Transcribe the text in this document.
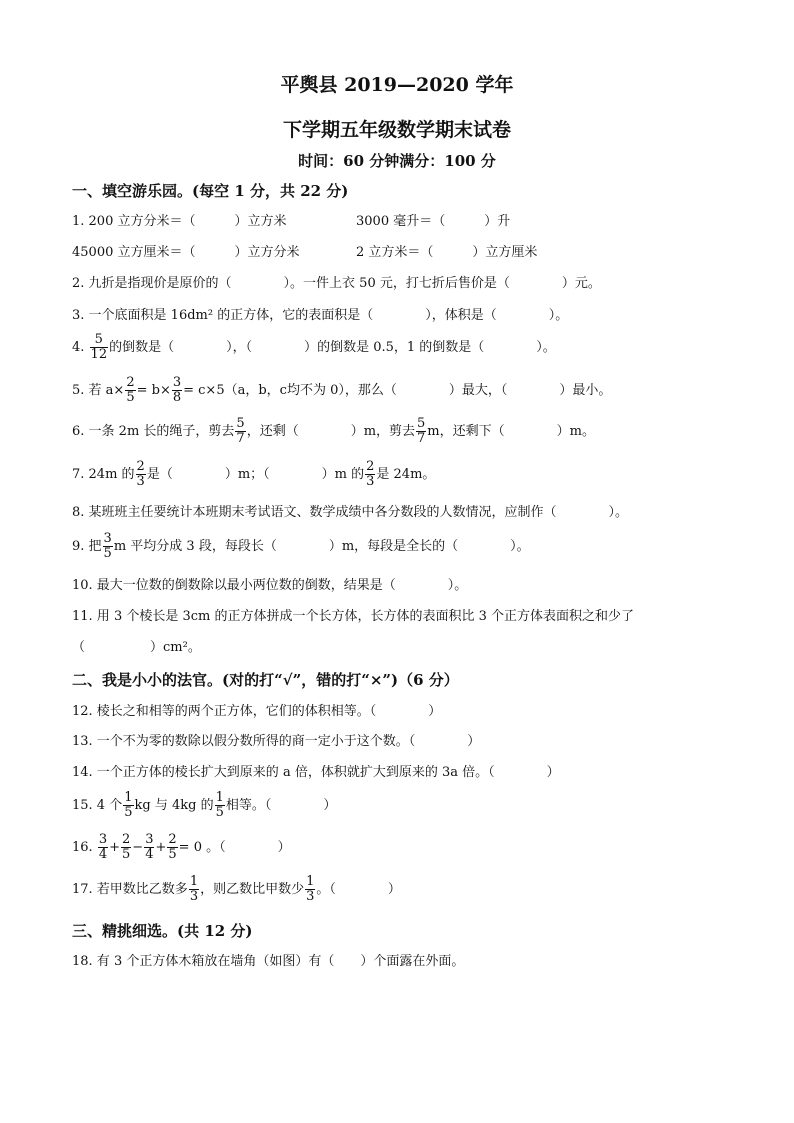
平舆县 2019—2020 学年
下学期五年级数学期末试卷
时间：60 分钟满分：100 分
一、填空游乐园。(每空 1 分，共 22 分)
1. 200 立方分米＝（　　　）立方米	3000 毫升＝（　　　）升
45000 立方厘米＝（　　　）立方分米	2 立方米＝（　　　）立方厘米
2. 九折是指现价是原价的（　　　　）。一件上衣 50 元，打七折后售价是（　　　　）元。
3. 一个底面积是 16dm² 的正方体，它的表面积是（　　　　），体积是（　　　　）。
4. $\frac{5}{12}$ 的倒数是（　　　　），（　　　　）的倒数是 0.5，1 的倒数是（　　　　）。
5. 若 $a\times \frac{2}{5} = b\times \frac{3}{8} = c\times 5(a$，b，c均不为 0），那么（　　　　）最大，（　　　　）最小。
6. 一条 2m 长的绳子，剪去 $\frac{5}{7}$ ，还剩（　　　　）m，剪去 $\frac{5}{7}$ m，还剩下（　　　　）m。
7. 24m 的 $\frac{2}{3}$ 是（　　　　）m；（　　　　）m 的 $\frac{2}{3}$ 是 24m。
8. 某班班主任要统计本班期末考试语文、数学成绩中各分数段的人数情况，应制作（　　　　）。
9. 把 $\frac{3}{5}$ m 平均分成 3 段，每段长（　　　　）m，每段是全长的（　　　　）。
10. 最大一位数的倒数除以最小两位数的倒数，结果是（　　　　）。
11. 用 3 个棱长是 3cm 的正方体拼成一个长方体，长方体的表面积比 3 个正方体表面积之和少了
（　　　　　）cm²。
二、我是小小的法官。(对的打“√”，错的打“×”)（6 分）
12. 棱长之和相等的两个正方体，它们的体积相等。（　　　　）
13. 一个不为零的数除以假分数所得的商一定小于这个数。（　　　　）
14. 一个正方体的棱长扩大到原来的 a 倍，体积就扩大到原来的 3a 倍。（　　　　）
15. 4 个 $\frac{1}{5}$ kg 与 4kg 的 $\frac{1}{5}$ 相等。（　　　　）
16. $\frac{3}{4} + \frac{2}{5} - \frac{3}{4} + \frac{2}{5} = 0$ 。（　　　　）
17. 若甲数比乙数多 $\frac{1}{3}$ ，则乙数比甲数少 $\frac{1}{3}$ 。（　　　　）
三、精挑细选。(共 12 分)
18. 有 3 个正方体木箱放在墙角（如图）有（　　）个面露在外面。
